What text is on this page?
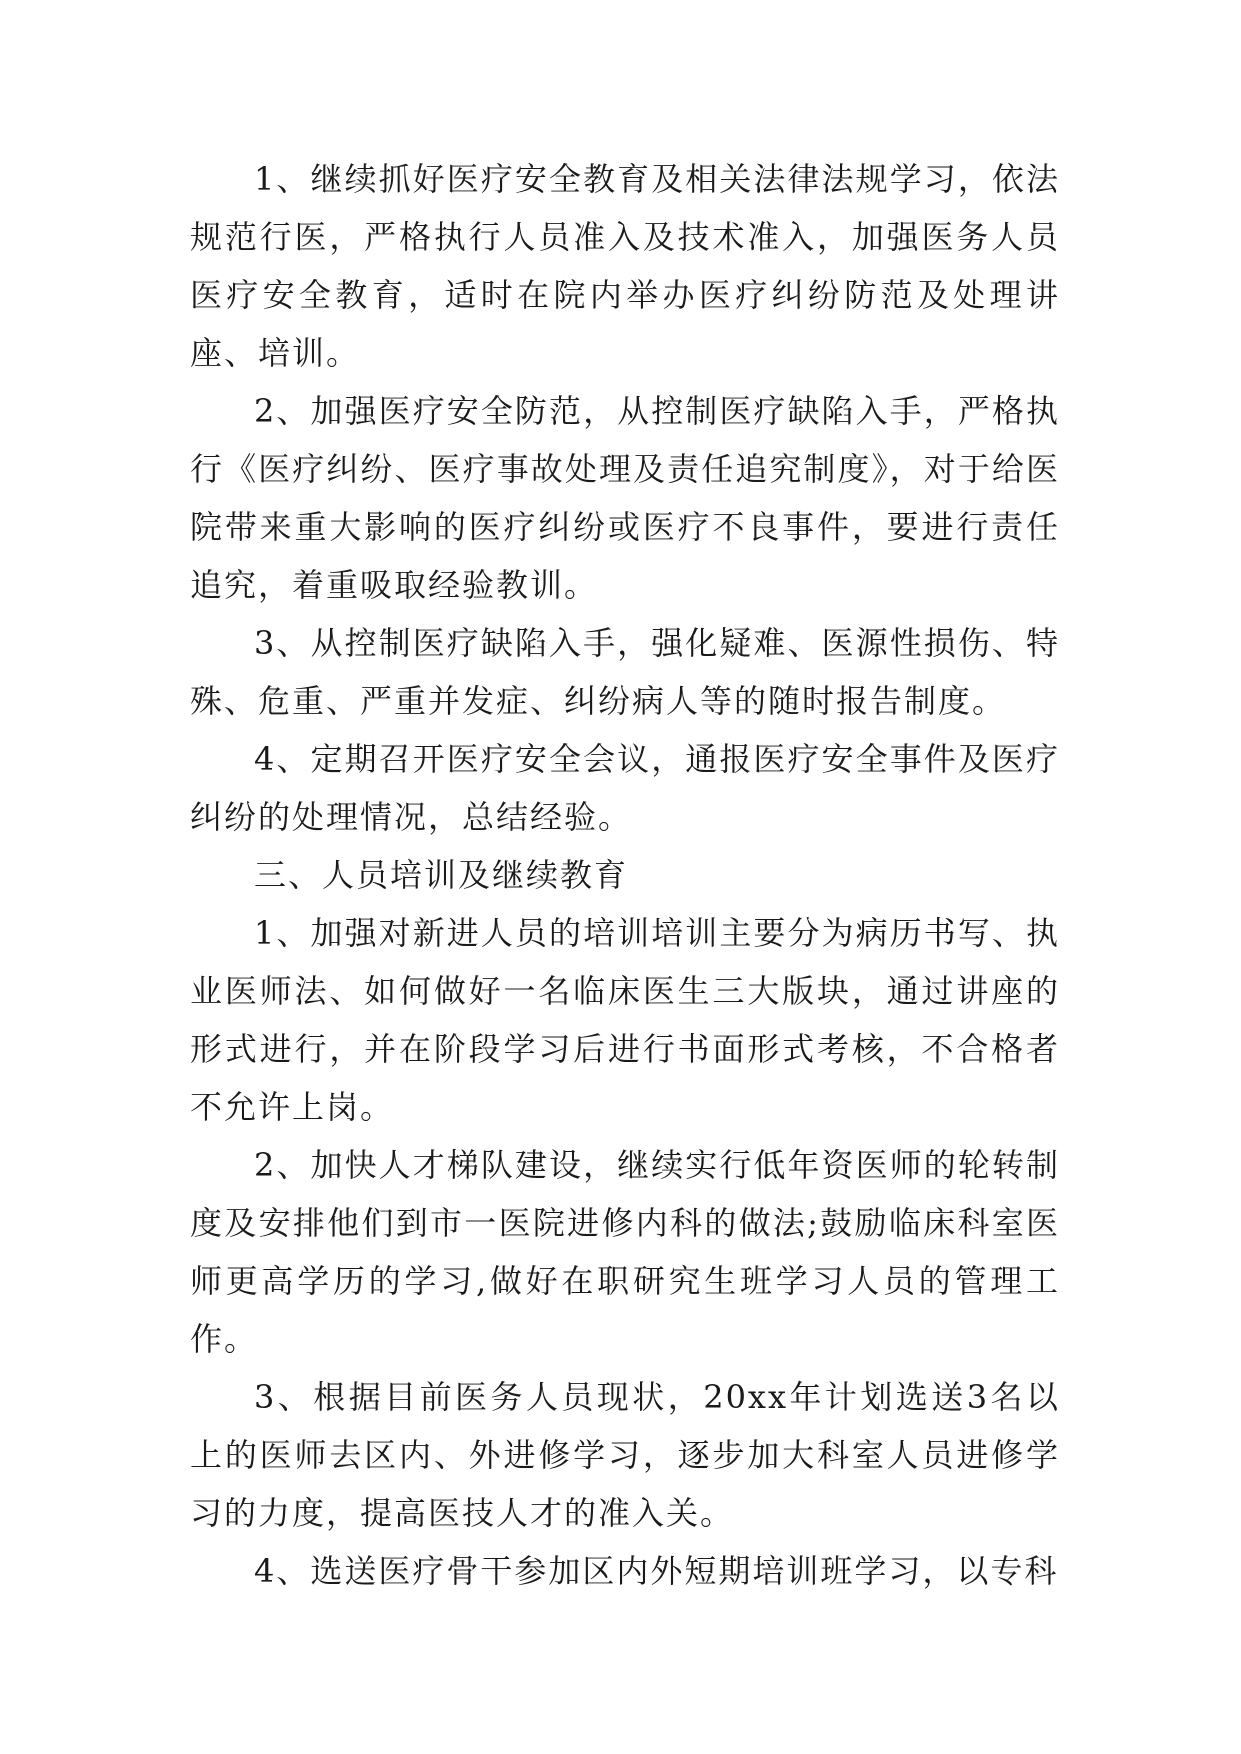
1、继续抓好医疗安全教育及相关法律法规学习，依法规范行医，严格执行人员准入及技术准入，加强医务人员医疗安全教育，适时在院内举办医疗纠纷防范及处理讲座、培训。

2、加强医疗安全防范，从控制医疗缺陷入手，严格执行《医疗纠纷、医疗事故处理及责任追究制度》，对于给医院带来重大影响的医疗纠纷或医疗不良事件，要进行责任追究，着重吸取经验教训。

3、从控制医疗缺陷入手，强化疑难、医源性损伤、特殊、危重、严重并发症、纠纷病人等的随时报告制度。

4、定期召开医疗安全会议，通报医疗安全事件及医疗纠纷的处理情况，总结经验。

三、人员培训及继续教育

1、加强对新进人员的培训培训主要分为病历书写、执业医师法、如何做好一名临床医生三大版块，通过讲座的形式进行，并在阶段学习后进行书面形式考核，不合格者不允许上岗。

2、加快人才梯队建设，继续实行低年资医师的轮转制度及安排他们到市一医院进修内科的做法;鼓励临床科室医师更高学历的学习,做好在职研究生班学习人员的管理工作。

3、根据目前医务人员现状，20xx年计划选送3名以上的医师去区内、外进修学习，逐步加大科室人员进修学习的力度，提高医技人才的准入关。

4、选送医疗骨干参加区内外短期培训班学习，以专科
